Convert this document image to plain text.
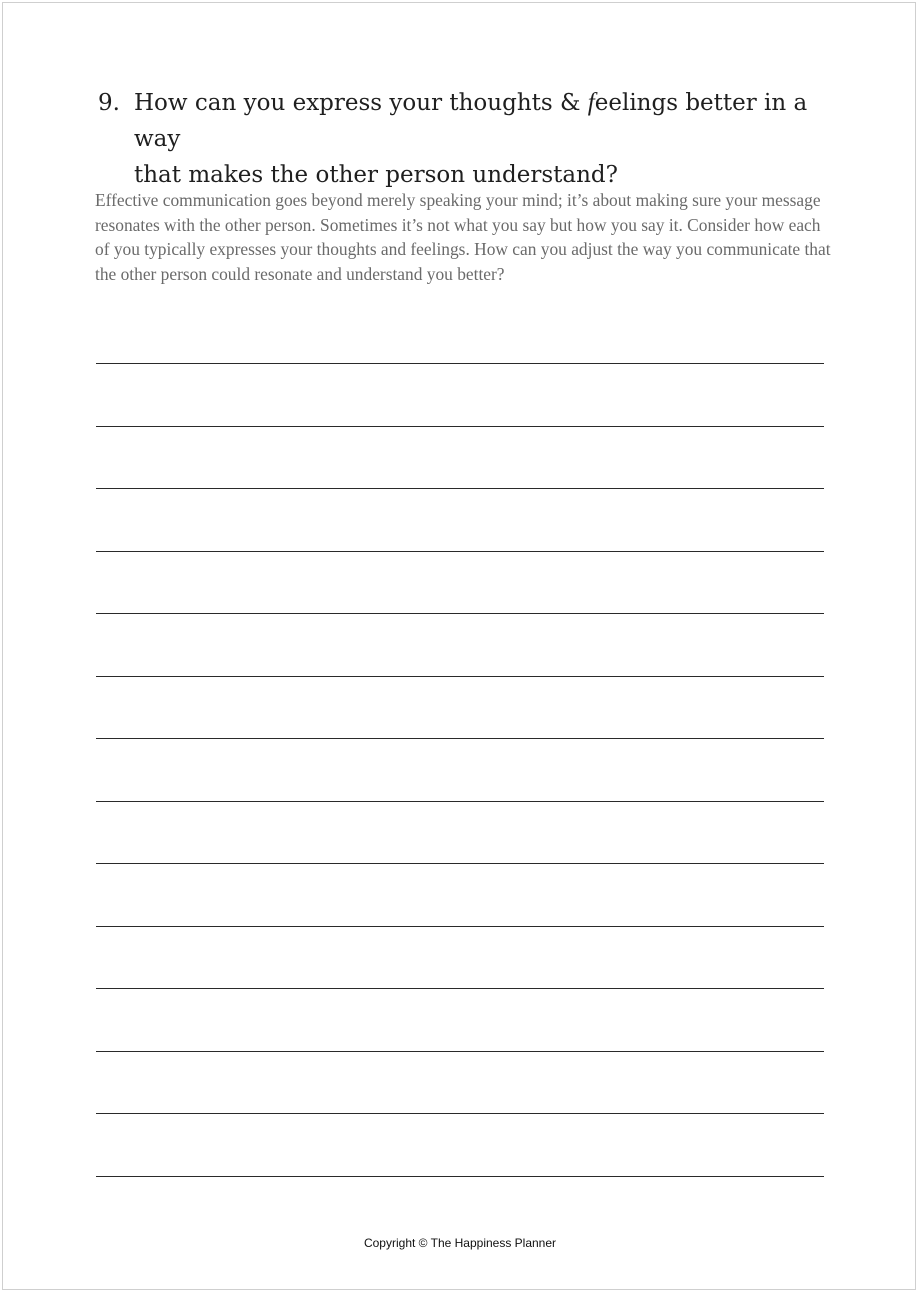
9. How can you express your thoughts & feelings better in a way
that makes the other person understand?

Effective communication goes beyond merely speaking your mind; it’s about making sure your message resonates with the other person. Sometimes it’s not what you say but how you say it. Consider how each of you typically expresses your thoughts and feelings. How can you adjust the way you communicate that the other person could resonate and understand you better?

Copyright © The Happiness Planner
